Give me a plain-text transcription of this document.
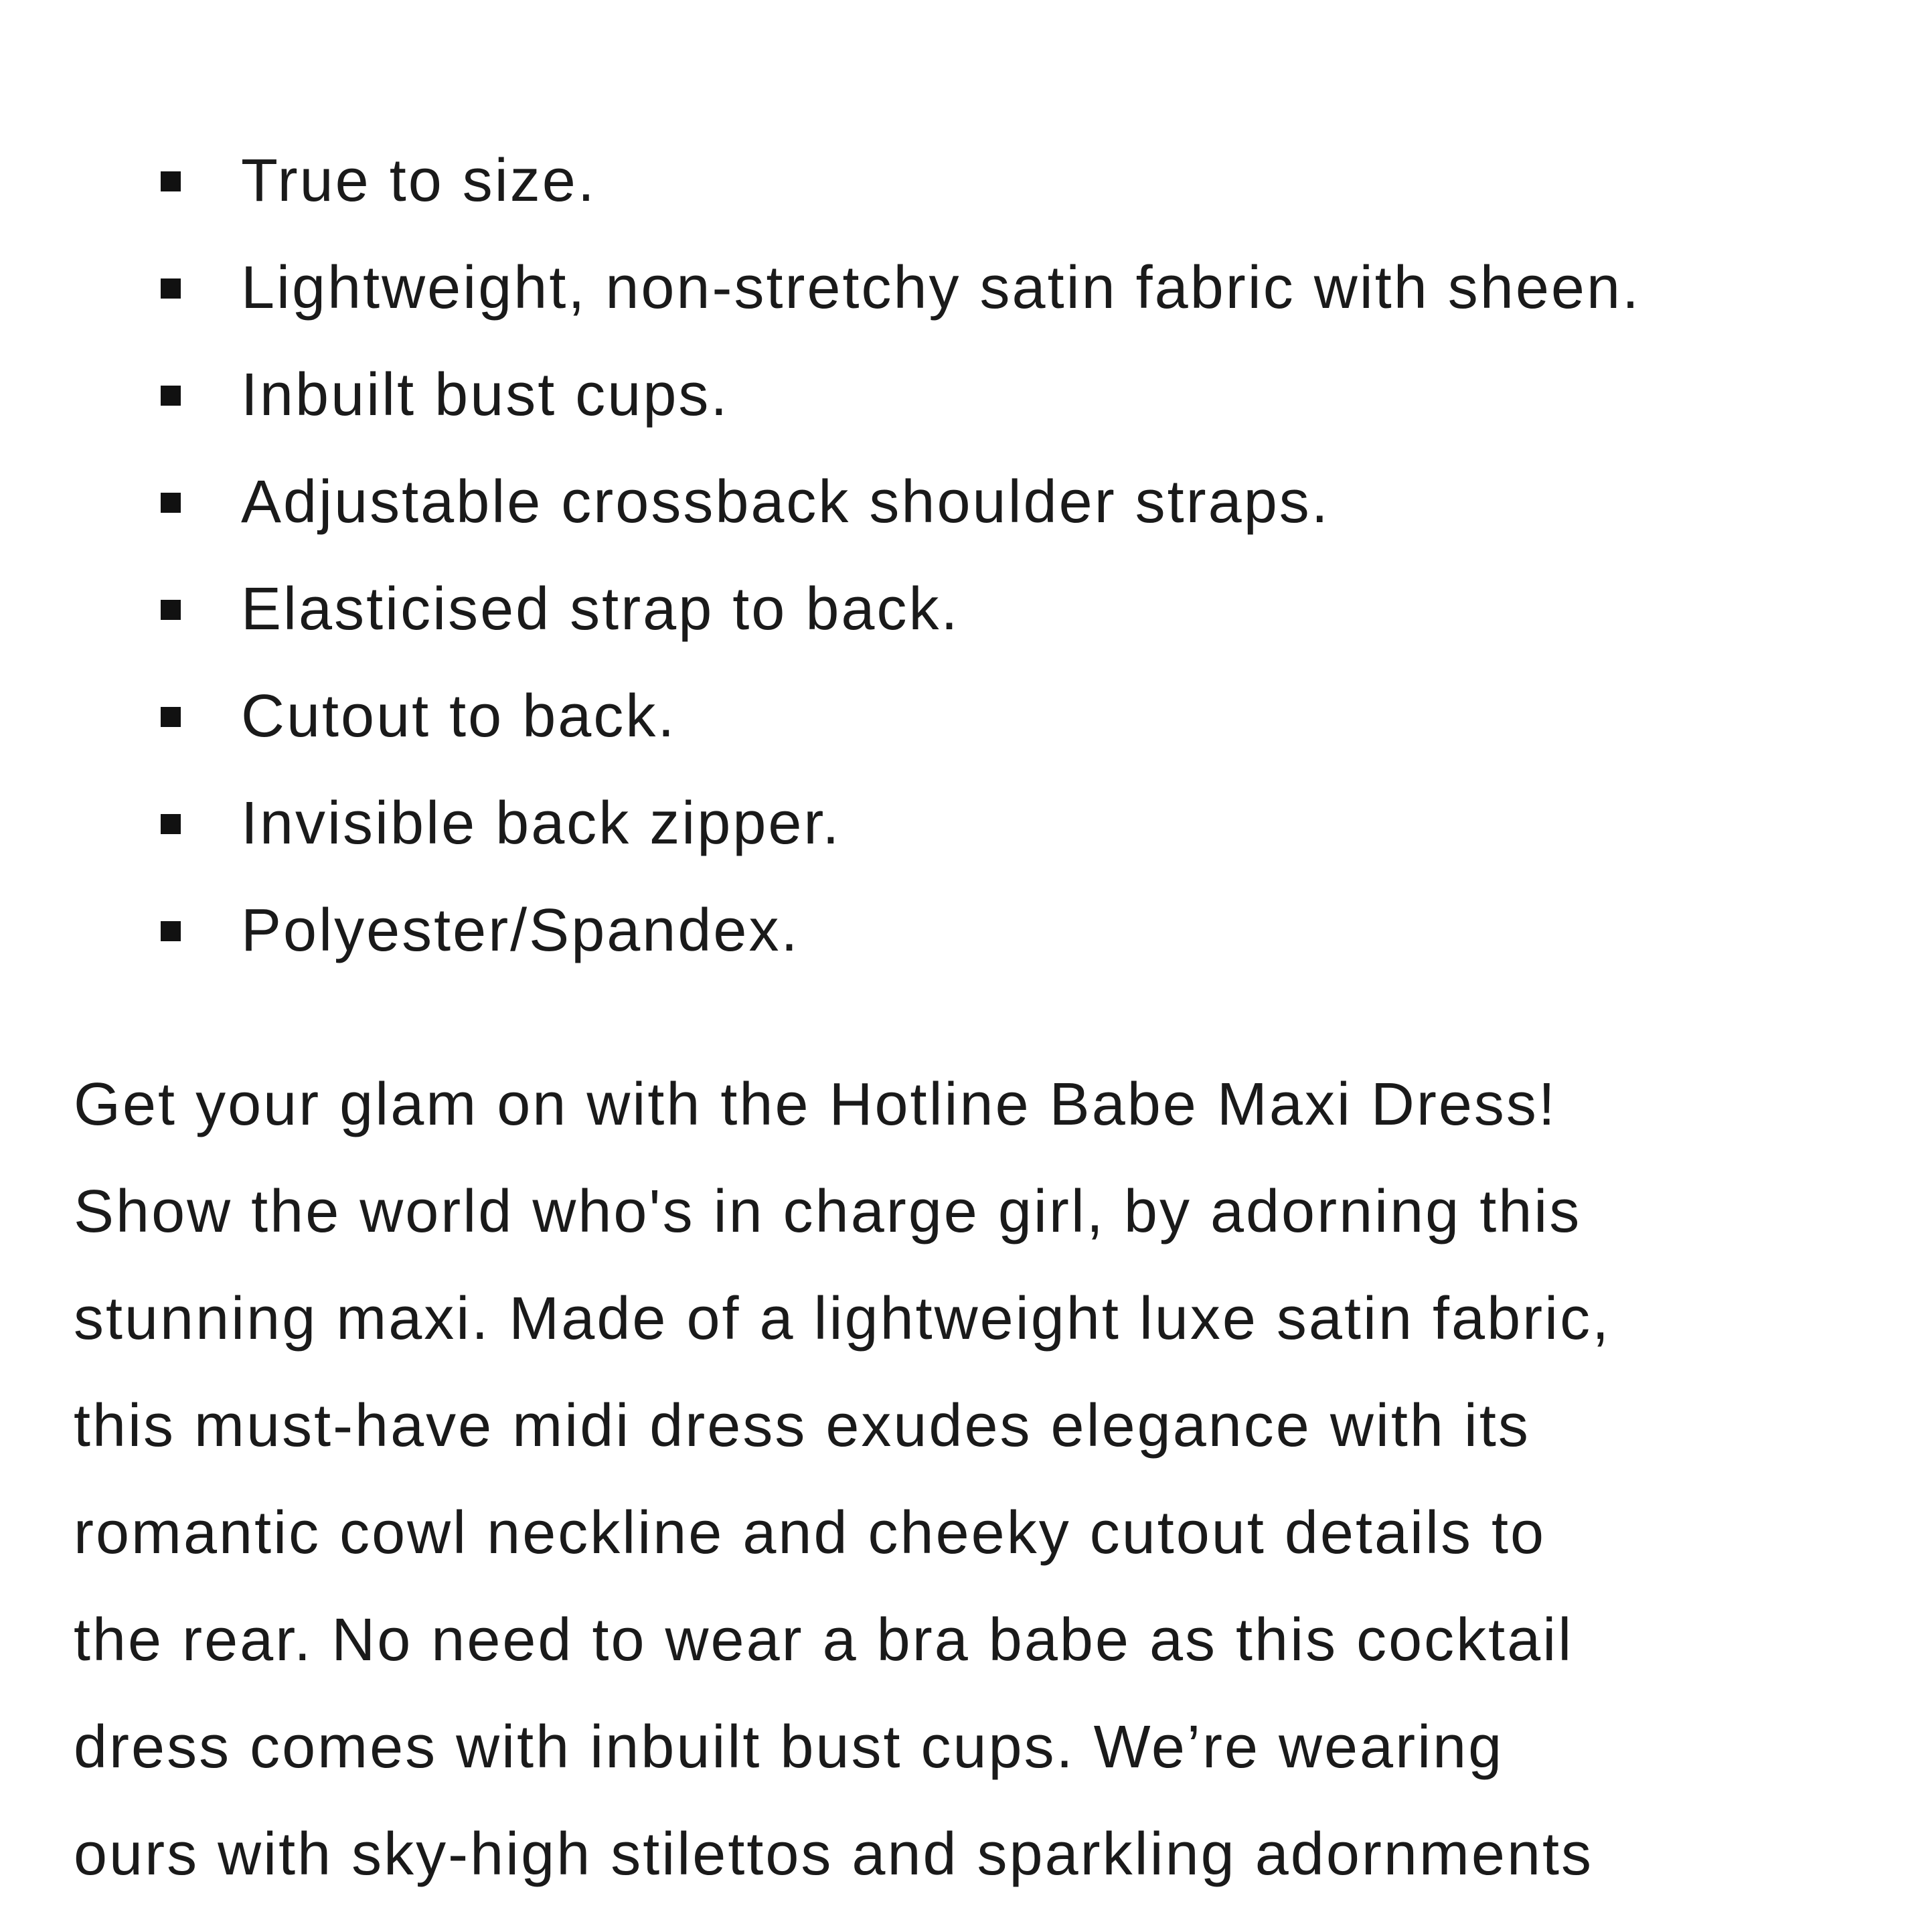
True to size.
Lightweight, non-stretchy satin fabric with sheen.
Inbuilt bust cups.
Adjustable crossback shoulder straps.
Elasticised strap to back.
Cutout to back.
Invisible back zipper.
Polyester/Spandex.

Get your glam on with the Hotline Babe Maxi Dress!
Show the world who's in charge girl, by adorning this
stunning maxi. Made of a lightweight luxe satin fabric,
this must-have midi dress exudes elegance with its
romantic cowl neckline and cheeky cutout details to
the rear. No need to wear a bra babe as this cocktail
dress comes with inbuilt bust cups. We’re wearing
ours with sky-high stilettos and sparkling adornments
